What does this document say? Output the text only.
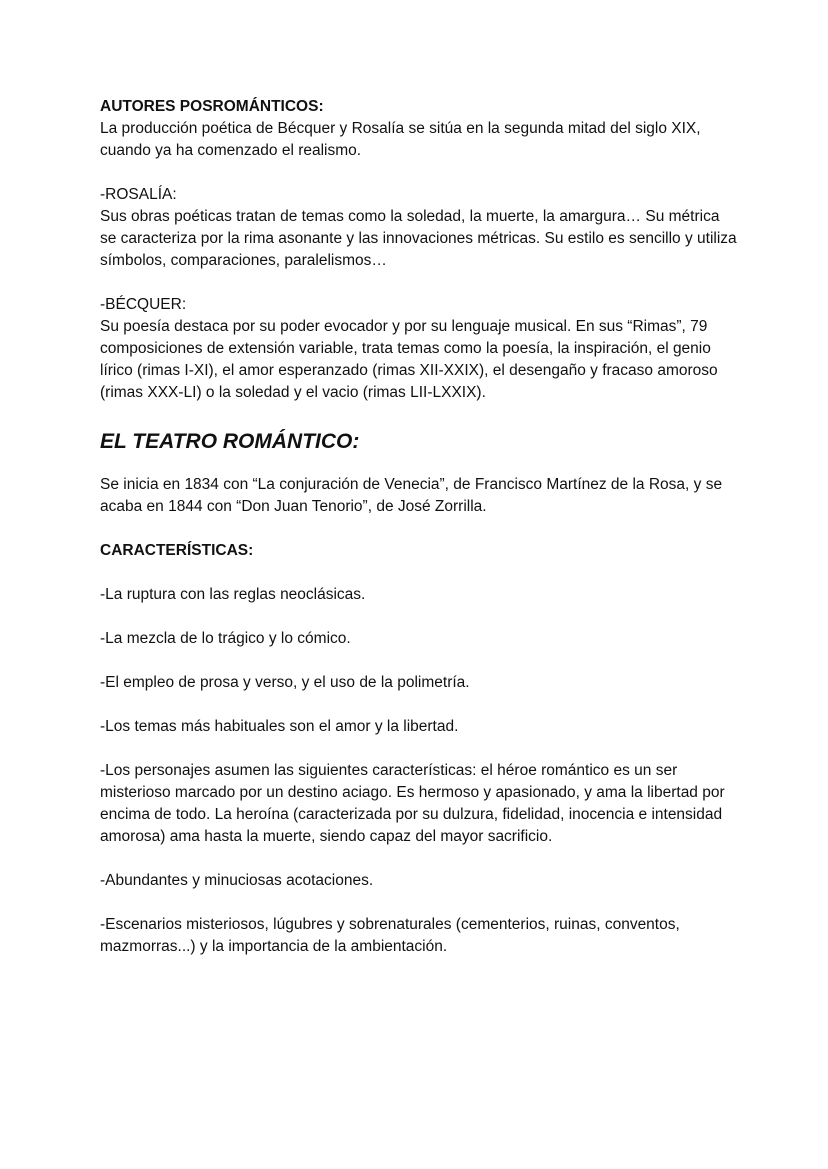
AUTORES POSROMÁNTICOS:

La producción poética de Bécquer y Rosalía se sitúa en la segunda mitad del siglo XIX, cuando ya ha comenzado el realismo.

-ROSALÍA:

Sus obras poéticas tratan de temas como la soledad, la muerte, la amargura… Su métrica se caracteriza por la rima asonante y las innovaciones métricas. Su estilo es sencillo y utiliza símbolos, comparaciones, paralelismos…

-BÉCQUER:

Su poesía destaca por su poder evocador y por su lenguaje musical. En sus “Rimas”, 79 composiciones de extensión variable, trata temas como la poesía, la inspiración, el genio lírico (rimas I-XI), el amor esperanzado (rimas XII-XXIX), el desengaño y fracaso amoroso (rimas XXX-LI) o la soledad y el vacio (rimas LII-LXXIX).

EL TEATRO ROMÁNTICO:

Se inicia en 1834 con “La conjuración de Venecia”, de Francisco Martínez de la Rosa, y se acaba en 1844 con “Don Juan Tenorio”, de José Zorrilla.

CARACTERÍSTICAS:

-La ruptura con las reglas neoclásicas.

-La mezcla de lo trágico y lo cómico.

-El empleo de prosa y verso, y el uso de la polimetría.

-Los temas más habituales son el amor y la libertad.

-Los personajes asumen las siguientes características: el héroe romántico es un ser misterioso marcado por un destino aciago. Es hermoso y apasionado, y ama la libertad por encima de todo. La heroína (caracterizada por su dulzura, fidelidad, inocencia e intensidad amorosa) ama hasta la muerte, siendo capaz del mayor sacrificio.

-Abundantes y minuciosas acotaciones.

-Escenarios misteriosos, lúgubres y sobrenaturales (cementerios, ruinas, conventos, mazmorras...) y la importancia de la ambientación.
